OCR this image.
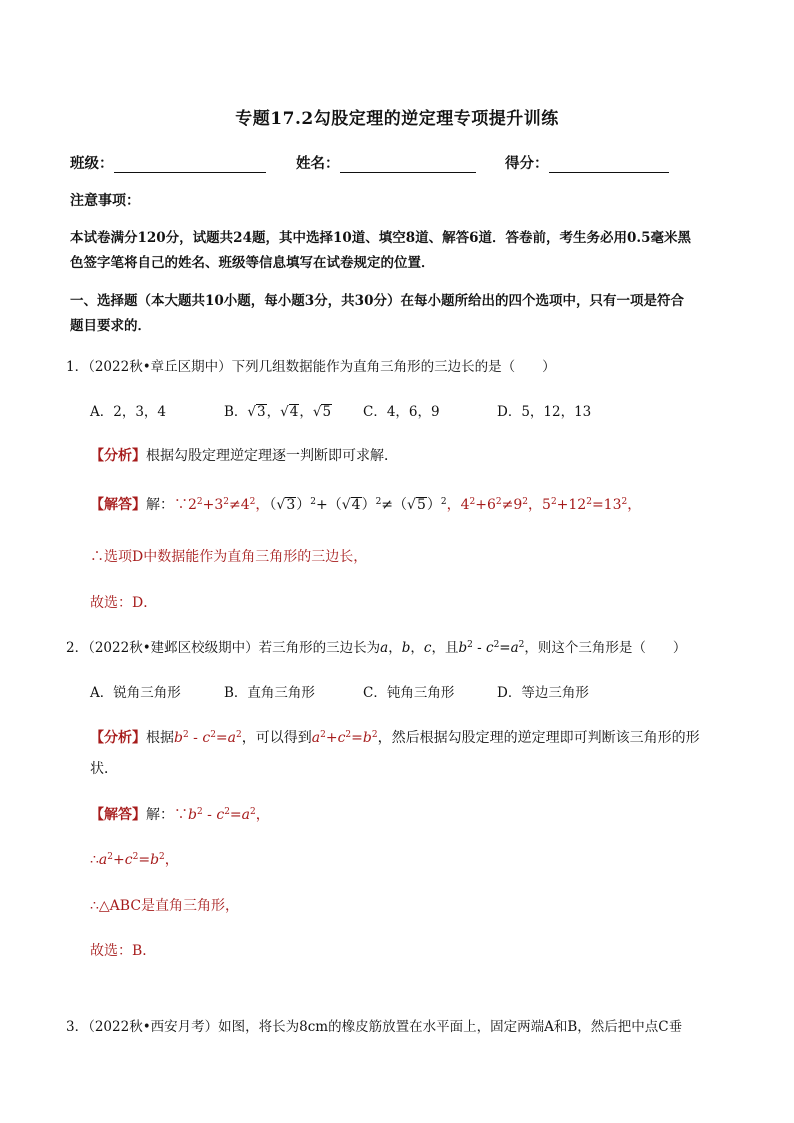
专题17.2勾股定理的逆定理专项提升训练
班级：	姓名：	得分：
注意事项：
本试卷满分120分，试题共24题，其中选择10道、填空8道、解答6道．答卷前，考生务必用0.5毫米黑
色签字笔将自己的姓名、班级等信息填写在试卷规定的位置．
一、选择题（本大题共10小题，每小题3分，共30分）在每小题所给出的四个选项中，只有一项是符合
题目要求的．
1．（2022秋•章丘区期中）下列几组数据能作为直角三角形的三边长的是（　　）
A．2，3，4	B．√3，√4，√5 C．4，6，9	D．5，12，13
【分析】根据勾股定理逆定理逐一判断即可求解．
【解答】解：$\because 2^2+3^2\ne 4^2$，$(√3)^2+(√4)^2\ne(√5)^2$，$4^2+6^2\ne 9^2$，$5^2+12^2=13^2$，
∴选项D中数据能作为直角三角形的三边长，
故选：D．
2．（2022秋•建邺区校级期中）若三角形的三边长为a，b，c，且$b^2 - c^2=a^2$，则这个三角形是（　　）
A．锐角三角形	B．直角三角形	C．钝角三角形	D．等边三角形
【分析】根据$b^2 - c^2=a^2$，可以得到$a^2+c^2=b^2$，然后根据勾股定理的逆定理即可判断该三角形的形
状．
【解答】解：$\because b^2 - c^2=a^2$，
$\therefore a^2+c^2=b^2$，
∴△ABC是直角三角形，
故选：B．
3．（2022秋•西安月考）如图，将长为8cm的橡皮筋放置在水平面上，固定两端A和B，然后把中点C垂
